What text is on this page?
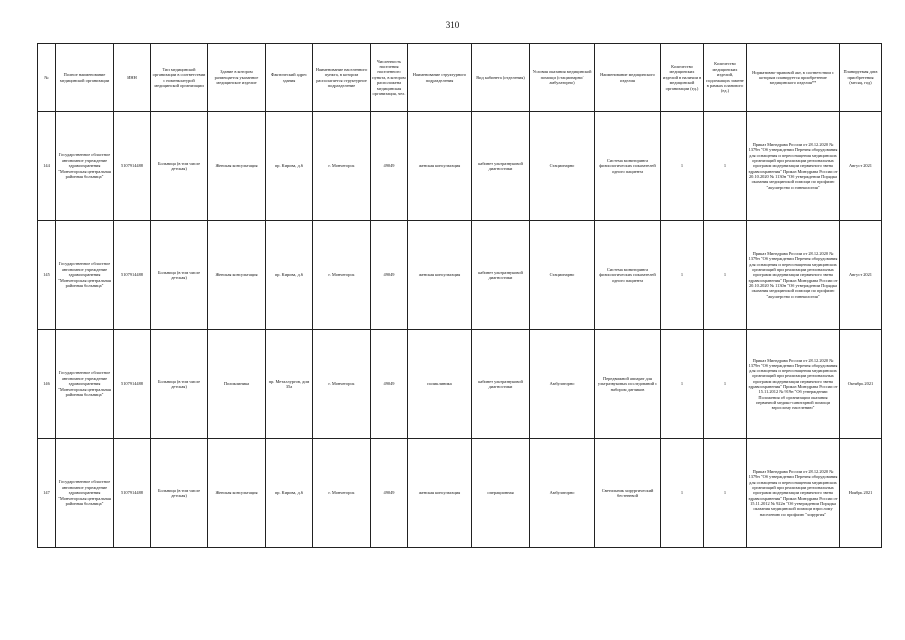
310
№	Полное наименование медицинской организации	ИНН	Тип медицинской организации в соответствии с номенклатурой медицинской организации	Здание в котором размещается указанное медицинское изделие	Фактический адрес здания	Наименование населенного пункта, в котором располагается структурное подразделение	Численность населения населенного пункта, в котором расположена медицинская организация, чел.	Наименование структурного подразделения	Вид кабинета (отделения)	Условия оказания медицинской помощи (стационарно/амбулаторно)	Наименование медицинского изделия	Количество медицинских изделий в наличии в медицинской организации (ед.)	Количество медицинских изделий, подлежащих замене в рамках планового (ед.)	Нормативно-правовой акт, в соответствии с которым планируется приобретение медицинского изделия**	Планируемая дата приобретения (месяц, год)
144	Государственное областное автономное учреждение здравоохранения "Мончегорская центральная районная больница"	5107914488	Больница (в том числе детская)	Женская консультация	пр. Кирова, д.6	г. Мончегорск	49049	женская консультация	кабинет ультразвуковой диагностики	Стационарно	Система мониторинга физиологических показателей одного пациента	1	1	Приказ Минздрава России от 28.12.2020 № 1379н "Об утверждении Перечня оборудования для оснащения и переоснащения медицинских организаций при реализации региональных программ модернизации первичного звена здравоохранения" Приказ Минздрава России от 20.10.2020 № 1130н "Об утверждении Порядка оказания медицинской помощи по профилю "акушерство и гинекология"	Август 2021
145	Государственное областное автономное учреждение здравоохранения "Мончегорская центральная районная больница"	5107914488	Больница (в том числе детская)	Женская консультация	пр. Кирова, д.6	г. Мончегорск	49049	женская консультация	кабинет ультразвуковой диагностики	Стационарно	Система мониторинга физиологических показателей одного пациента	1	1	Приказ Минздрава России от 28.12.2020 № 1379н "Об утверждении Перечня оборудования для оснащения и переоснащения медицинских организаций при реализации региональных программ модернизации первичного звена здравоохранения" Приказ Минздрава России от 20.10.2020 № 1130н "Об утверждении Порядка оказания медицинской помощи по профилю "акушерство и гинекология"	Август 2021
146	Государственное областное автономное учреждение здравоохранения "Мончегорская центральная районная больница"	5107914488	Больница (в том числе детская)	Поликлиника	пр. Металлургов, дом 35а	г. Мончегорск	49049	поликлиника	кабинет ультразвуковой диагностики	Амбулаторно	Передвижной аппарат для ультразвуковых исследований с набором датчиков	1	1	Приказ Минздрава России от 28.12.2020 № 1379н "Об утверждении Перечня оборудования для оснащения и переоснащения медицинских организаций при реализации региональных программ модернизации первичного звена здравоохранения" Приказ Минздрава России от 15.11.2012 № 919н "Об утверждении Положения об организации оказания первичной медико-санитарной помощи взрослому населению"	Октябрь 2021
147	Государственное областное автономное учреждение здравоохранения "Мончегорская центральная районная больница"	5107914488	Больница (в том числе детская)	Женская консультация	пр. Кирова, д.6	г. Мончегорск	49049	женская консультация	операционная	Амбулаторно	Светильник хирургический бестеневой	1	1	Приказ Минздрава России от 28.12.2020 № 1379н "Об утверждении Перечня оборудования для оснащения и переоснащения медицинских организаций при реализации региональных программ модернизации первичного звена здравоохранения" Приказ Минздрава России от 15.11.2012 № 922н "Об утверждении Порядка оказания медицинской помощи взрослому населению по профилю "хирургия"	Ноябрь 2021
